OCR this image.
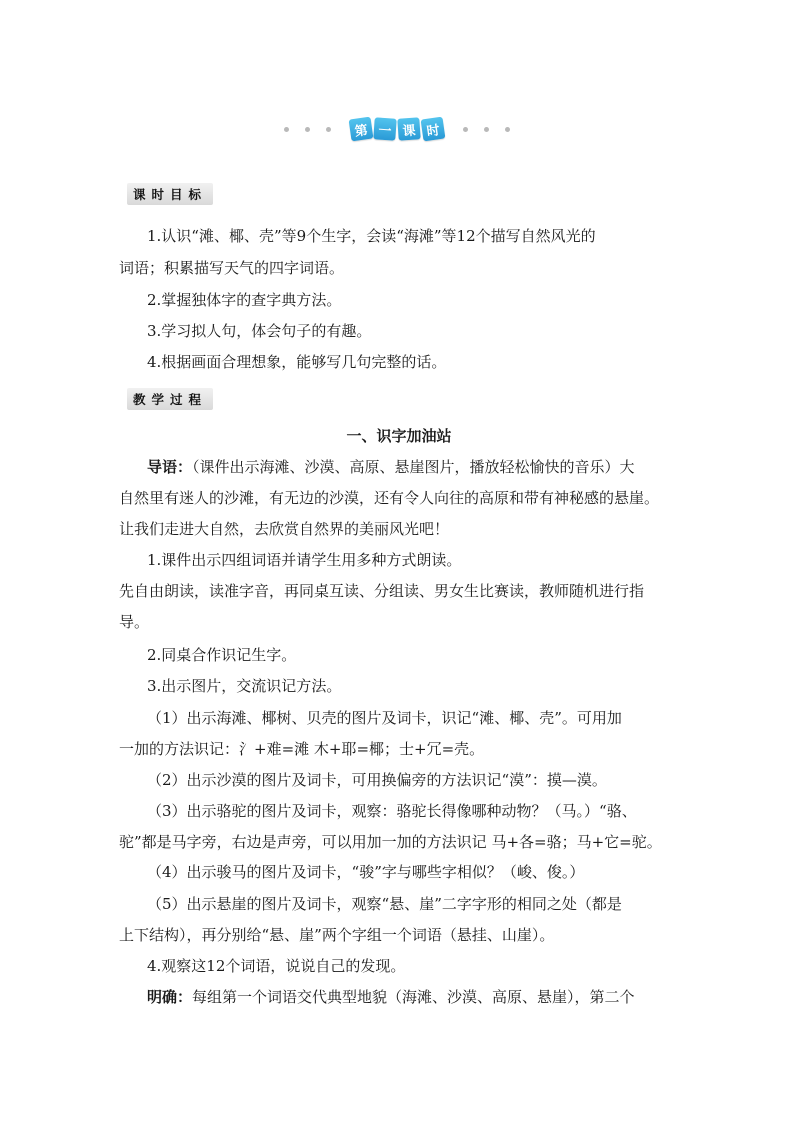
第 一 课 时
课时目标
1.认识“滩、椰、壳”等9个生字，会读“海滩”等12个描写自然风光的
词语；积累描写天气的四字词语。
2.掌握独体字的查字典方法。
3.学习拟人句，体会句子的有趣。
4.根据画面合理想象，能够写几句完整的话。
教学过程
一、识字加油站
导语：（课件出示海滩、沙漠、高原、悬崖图片，播放轻松愉快的音乐）大
自然里有迷人的沙滩，有无边的沙漠，还有令人向往的高原和带有神秘感的悬崖。
让我们走进大自然，去欣赏自然界的美丽风光吧！
1.课件出示四组词语并请学生用多种方式朗读。
先自由朗读，读准字音，再同桌互读、分组读、男女生比赛读，教师随机进行指
导。
2.同桌合作识记生字。
3.出示图片，交流识记方法。
（1）出示海滩、椰树、贝壳的图片及词卡，识记“滩、椰、壳”。可用加
一加的方法识记：氵+难=滩 木+耶=椰；士+冗=壳。
（2）出示沙漠的图片及词卡，可用换偏旁的方法识记“漠”：摸—漠。
（3）出示骆驼的图片及词卡，观察：骆驼长得像哪种动物？（马。）“骆、
驼”都是马字旁，右边是声旁，可以用加一加的方法识记 马+各=骆；马+它=驼。
（4）出示骏马的图片及词卡，“骏”字与哪些字相似？（峻、俊。）
（5）出示悬崖的图片及词卡，观察“悬、崖”二字字形的相同之处（都是
上下结构），再分别给“悬、崖”两个字组一个词语（悬挂、山崖）。
4.观察这12个词语，说说自己的发现。
明确：每组第一个词语交代典型地貌（海滩、沙漠、高原、悬崖），第二个
